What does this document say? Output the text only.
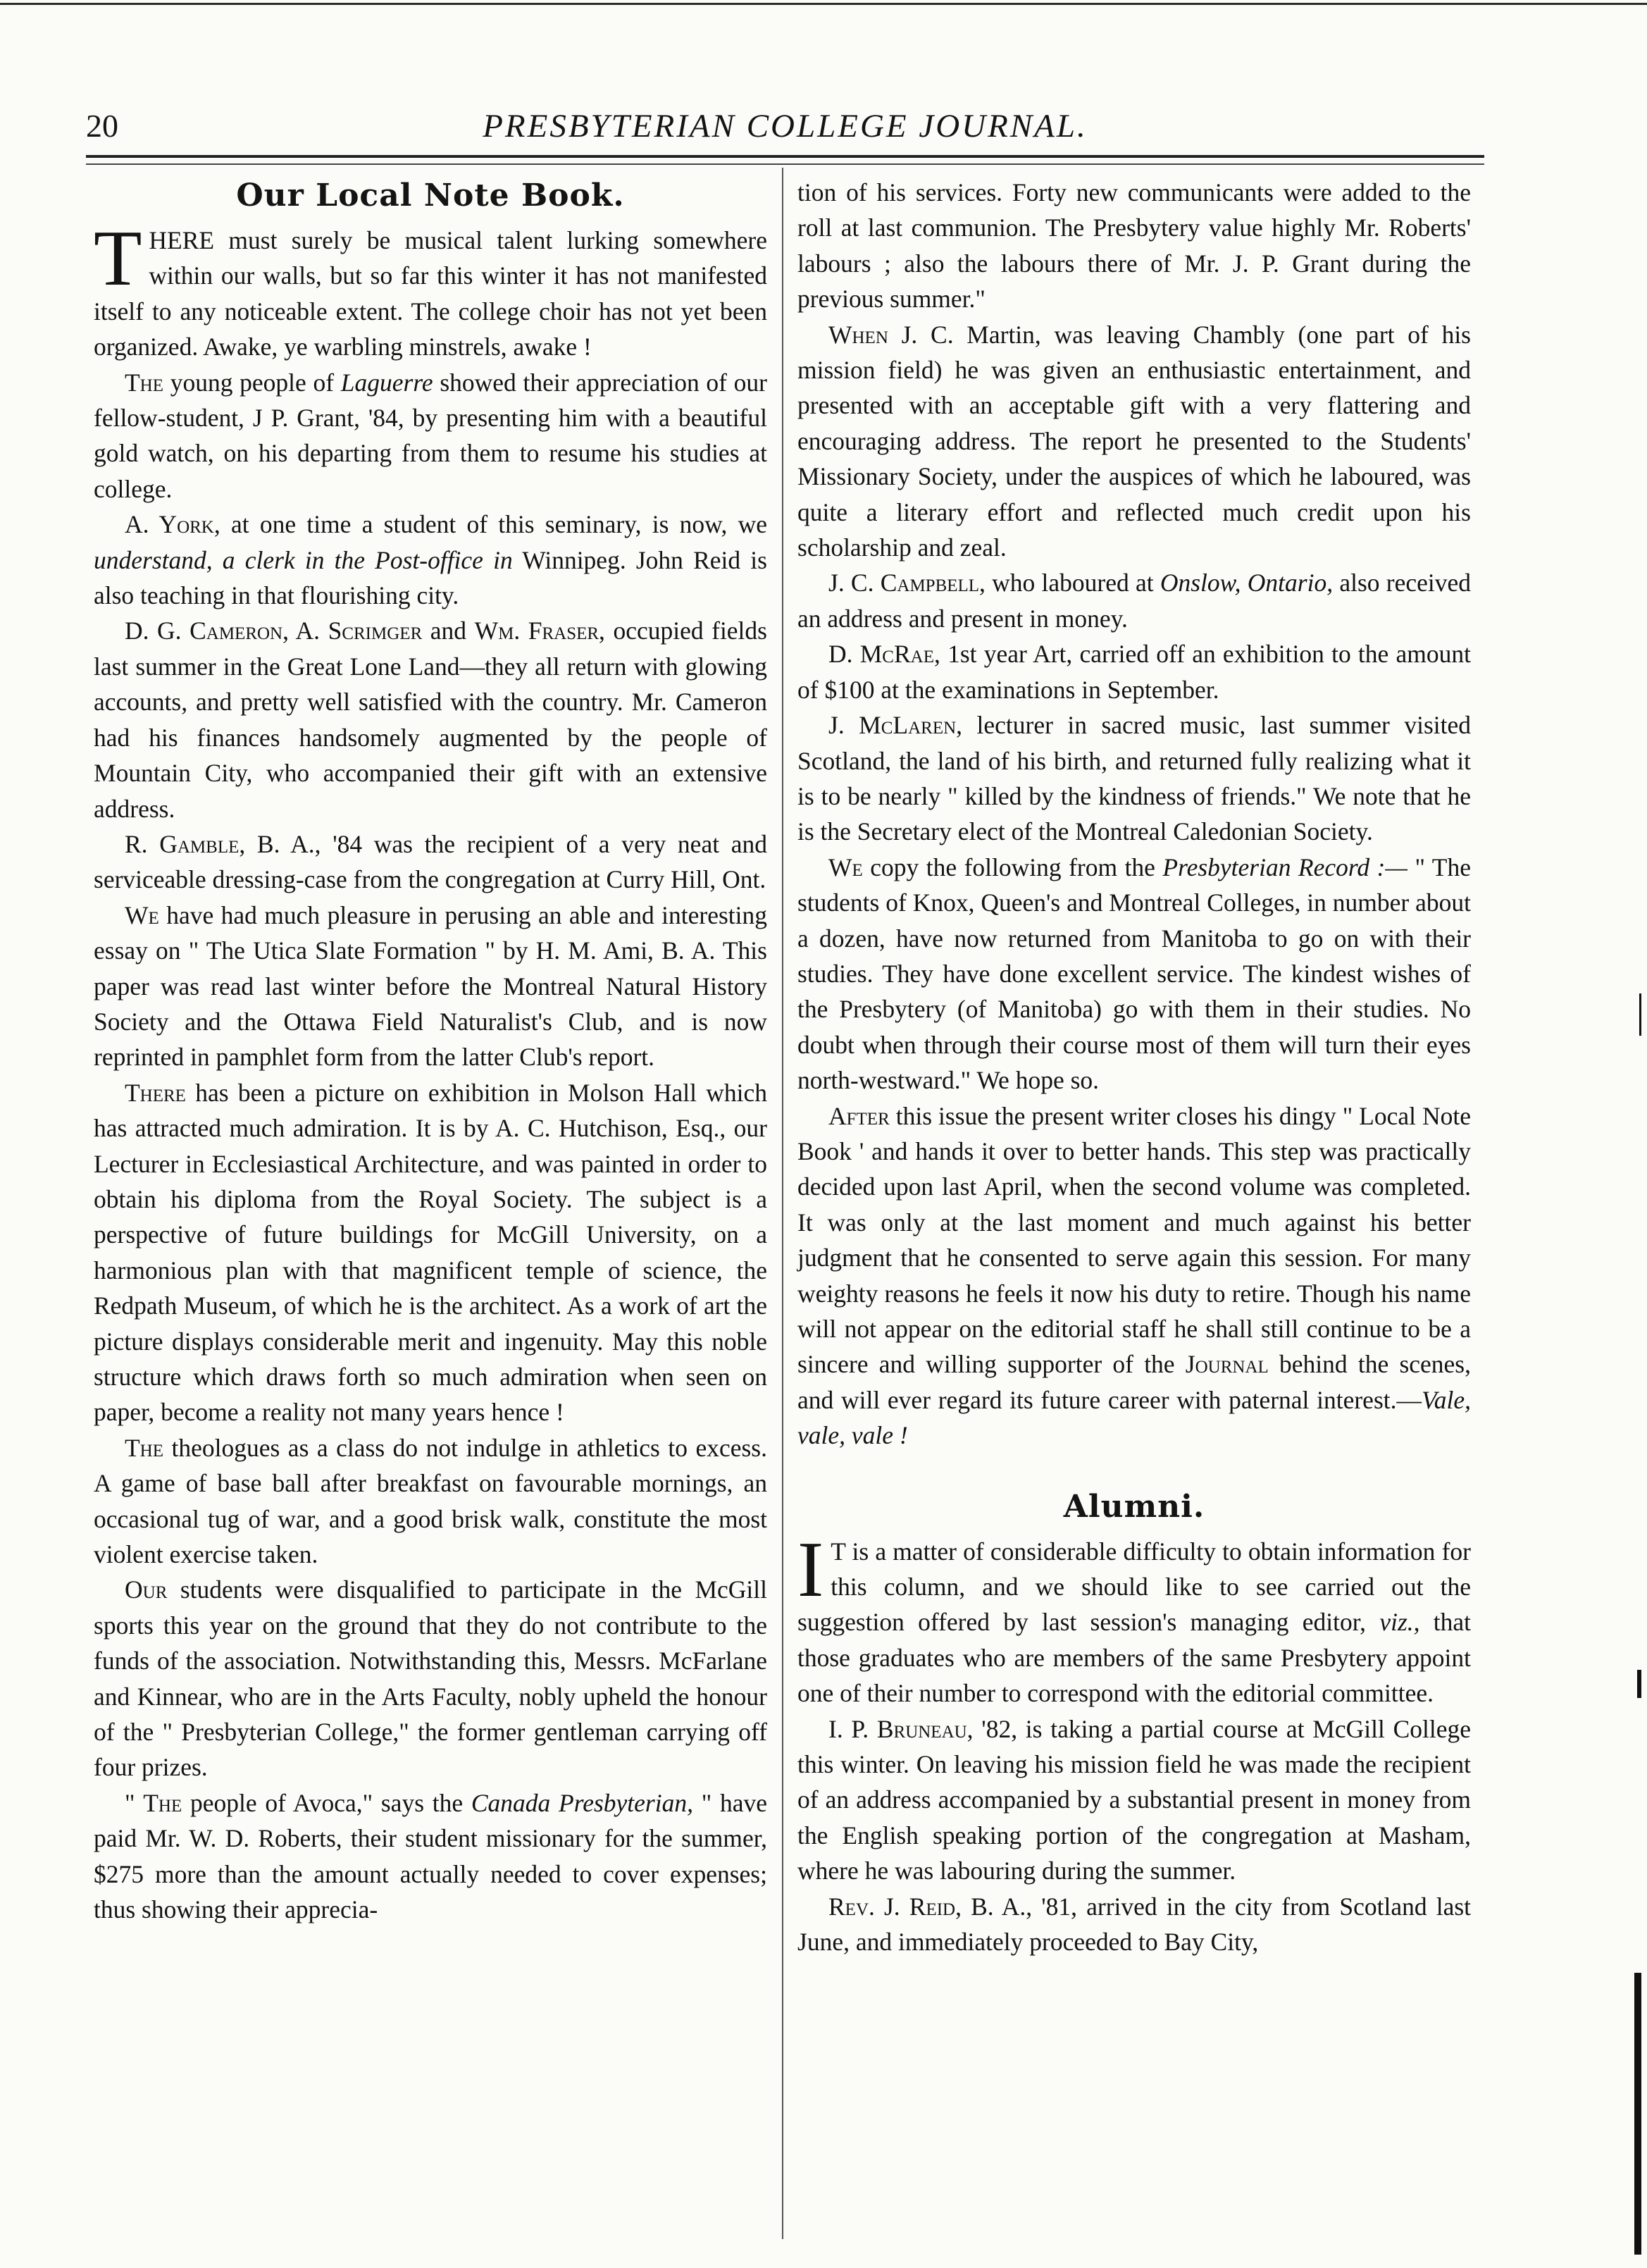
20	PRESBYTERIAN COLLEGE JOURNAL.
Our Local Note Book.

THERE must surely be musical talent lurking somewhere within our walls, but so far this winter it has not manifested itself to any noticeable extent. The college choir has not yet been organized. Awake, ye warbling minstrels, awake !

The young people of Laguerre showed their appreciation of our fellow-student, J P. Grant, '84, by presenting him with a beautiful gold watch, on his departing from them to resume his studies at college.

A. York, at one time a student of this seminary, is now, we understand, a clerk in the Post-office in Winnipeg. John Reid is also teaching in that flourishing city.

D. G. Cameron, A. Scrimger and Wm. Fraser, occupied fields last summer in the Great Lone Land—they all return with glowing accounts, and pretty well satisfied with the country. Mr. Cameron had his finances handsomely augmented by the people of Mountain City, who accompanied their gift with an extensive address.

R. Gamble, B. A., '84 was the recipient of a very neat and serviceable dressing-case from the congregation at Curry Hill, Ont.

We have had much pleasure in perusing an able and interesting essay on " The Utica Slate Formation " by H. M. Ami, B. A. This paper was read last winter before the Montreal Natural History Society and the Ottawa Field Naturalist's Club, and is now reprinted in pamphlet form from the latter Club's report.

There has been a picture on exhibition in Molson Hall which has attracted much admiration. It is by A. C. Hutchison, Esq., our Lecturer in Ecclesiastical Architecture, and was painted in order to obtain his diploma from the Royal Society. The subject is a perspective of future buildings for McGill University, on a harmonious plan with that magnificent temple of science, the Redpath Museum, of which he is the architect. As a work of art the picture displays considerable merit and ingenuity. May this noble structure which draws forth so much admiration when seen on paper, become a reality not many years hence !

The theologues as a class do not indulge in athletics to excess. A game of base ball after breakfast on favourable mornings, an occasional tug of war, and a good brisk walk, constitute the most violent exercise taken.

Our students were disqualified to participate in the McGill sports this year on the ground that they do not contribute to the funds of the association. Notwithstanding this, Messrs. McFarlane and Kinnear, who are in the Arts Faculty, nobly upheld the honour of the " Presbyterian College," the former gentleman carrying off four prizes.

" The people of Avoca," says the Canada Presbyterian, " have paid Mr. W. D. Roberts, their student missionary for the summer, $275 more than the amount actually needed to cover expenses; thus showing their apprecia-

tion of his services. Forty new communicants were added to the roll at last communion. The Presbytery value highly Mr. Roberts' labours ; also the labours there of Mr. J. P. Grant during the previous summer."

When J. C. Martin, was leaving Chambly (one part of his mission field) he was given an enthusiastic entertainment, and presented with an acceptable gift with a very flattering and encouraging address. The report he presented to the Students' Missionary Society, under the auspices of which he laboured, was quite a literary effort and reflected much credit upon his scholarship and zeal.

J. C. Campbell, who laboured at Onslow, Ontario, also received an address and present in money.

D. McRae, 1st year Art, carried off an exhibition to the amount of $100 at the examinations in September.

J. McLaren, lecturer in sacred music, last summer visited Scotland, the land of his birth, and returned fully realizing what it is to be nearly " killed by the kindness of friends." We note that he is the Secretary elect of the Montreal Caledonian Society.

We copy the following from the Presbyterian Record :— " The students of Knox, Queen's and Montreal Colleges, in number about a dozen, have now returned from Manitoba to go on with their studies. They have done excellent service. The kindest wishes of the Presbytery (of Manitoba) go with them in their studies. No doubt when through their course most of them will turn their eyes north-westward." We hope so.

After this issue the present writer closes his dingy " Local Note Book ' and hands it over to better hands. This step was practically decided upon last April, when the second volume was completed. It was only at the last moment and much against his better judgment that he consented to serve again this session. For many weighty reasons he feels it now his duty to retire. Though his name will not appear on the editorial staff he shall still continue to be a sincere and willing supporter of the Journal behind the scenes, and will ever regard its future career with paternal interest.—Vale, vale, vale !

Alumni.

I T is a matter of considerable difficulty to obtain information for this column, and we should like to see carried out the suggestion offered by last session's managing editor, viz., that those graduates who are members of the same Presbytery appoint one of their number to correspond with the editorial committee.

I. P. Bruneau, '82, is taking a partial course at McGill College this winter. On leaving his mission field he was made the recipient of an address accompanied by a substantial present in money from the English speaking portion of the congregation at Masham, where he was labouring during the summer.

Rev. J. Reid, B. A., '81, arrived in the city from Scotland last June, and immediately proceeded to Bay City,
